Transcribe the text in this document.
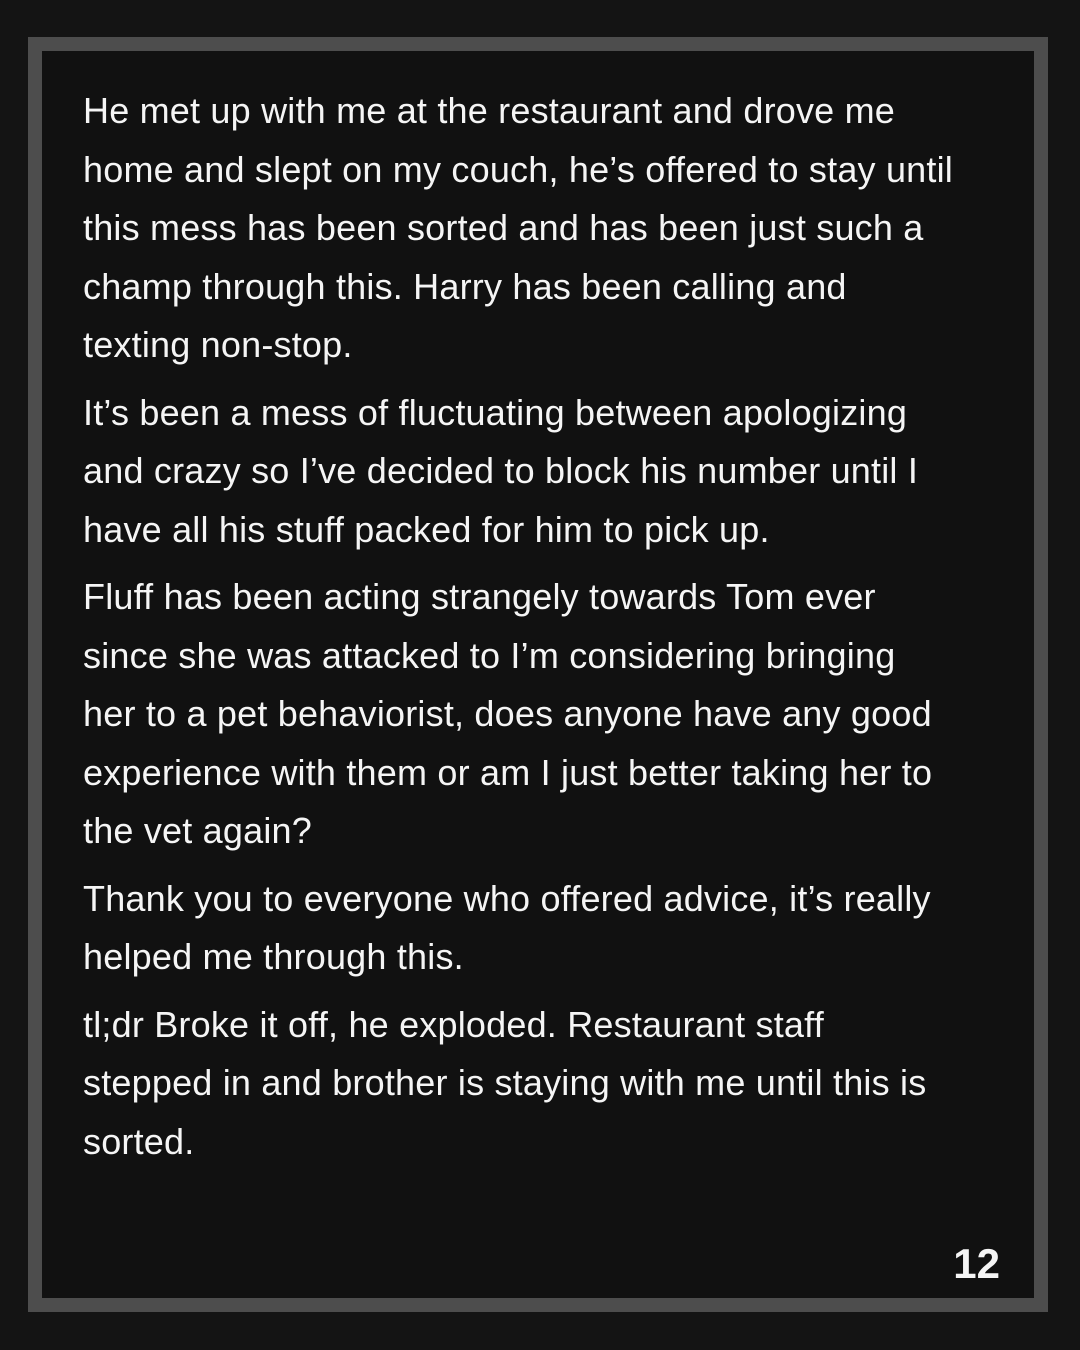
He met up with me at the restaurant and drove me
home and slept on my couch, he’s offered to stay until
this mess has been sorted and has been just such a
champ through this. Harry has been calling and
texting non-stop.
It’s been a mess of fluctuating between apologizing
and crazy so I’ve decided to block his number until I
have all his stuff packed for him to pick up.
Fluff has been acting strangely towards Tom ever
since she was attacked to I’m considering bringing
her to a pet behaviorist, does anyone have any good
experience with them or am I just better taking her to
the vet again?
Thank you to everyone who offered advice, it’s really
helped me through this.
tl;dr Broke it off, he exploded. Restaurant staff
stepped in and brother is staying with me until this is
sorted.
12
